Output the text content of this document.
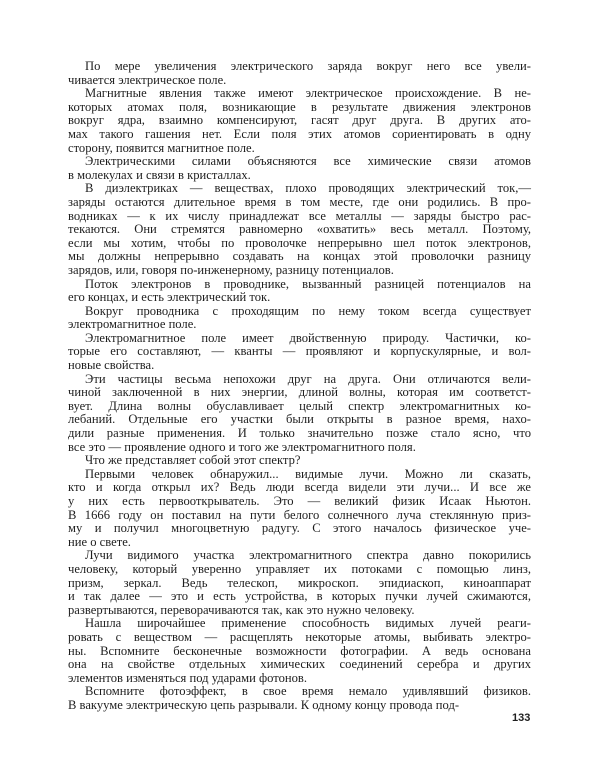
По мере увеличения электрического заряда вокруг него все увели-
чивается электрическое поле.
Магнитные явления также имеют электрическое происхождение. В не-
которых атомах поля, возникающие в результате движения электронов
вокруг ядра, взаимно компенсируют, гасят друг друга. В других ато-
мах такого гашения нет. Если поля этих атомов сориентировать в одну
сторону, появится магнитное поле.
Электрическими силами объясняются все химические связи атомов
в молекулах и связи в кристаллах.
В диэлектриках — веществах, плохо проводящих электрический ток,—
заряды остаются длительное время в том месте, где они родились. В про-
водниках — к их числу принадлежат все металлы — заряды быстро рас-
текаются. Они стремятся равномерно «охватить» весь металл. Поэтому,
если мы хотим, чтобы по проволочке непрерывно шел поток электронов,
мы должны непрерывно создавать на концах этой проволочки разницу
зарядов, или, говоря по-инженерному, разницу потенциалов.
Поток электронов в проводнике, вызванный разницей потенциалов на
его концах, и есть электрический ток.
Вокруг проводника с проходящим по нему током всегда существует
электромагнитное поле.
Электромагнитное поле имеет двойственную природу. Частички, ко-
торые его составляют, — кванты — проявляют и корпускулярные, и вол-
новые свойства.
Эти частицы весьма непохожи друг на друга. Они отличаются вели-
чиной заключенной в них энергии, длиной волны, которая им соответст-
вует. Длина волны обуславливает целый спектр электромагнитных ко-
лебаний. Отдельные его участки были открыты в разное время, нахо-
дили разные применения. И только значительно позже стало ясно, что
все это — проявление одного и того же электромагнитного поля.
Что же представляет собой этот спектр?
Первыми человек обнаружил... видимые лучи. Можно ли сказать,
кто и когда открыл их? Ведь люди всегда видели эти лучи... И все же
у них есть первооткрыватель. Это — великий физик Исаак Ньютон.
В 1666 году он поставил на пути белого солнечного луча стеклянную приз-
му и получил многоцветную радугу. С этого началось физическое уче-
ние о свете.
Лучи видимого участка электромагнитного спектра давно покорились
человеку, который уверенно управляет их потоками с помощью линз,
призм, зеркал. Ведь телескоп, микроскоп. эпидиаскоп, киноаппарат
и так далее — это и есть устройства, в которых пучки лучей сжимаются,
развертываются, переворачиваются так, как это нужно человеку.
Нашла широчайшее применение способность видимых лучей реаги-
ровать с веществом — расщеплять некоторые атомы, выбивать электро-
ны. Вспомните бесконечные возможности фотографии. А ведь основана
она на свойстве отдельных химических соединений серебра и других
элементов изменяться под ударами фотонов.
Вспомните фотоэффект, в свое время немало удивлявший физиков.
В вакууме электрическую цепь разрывали. К одному концу провода под-
133
